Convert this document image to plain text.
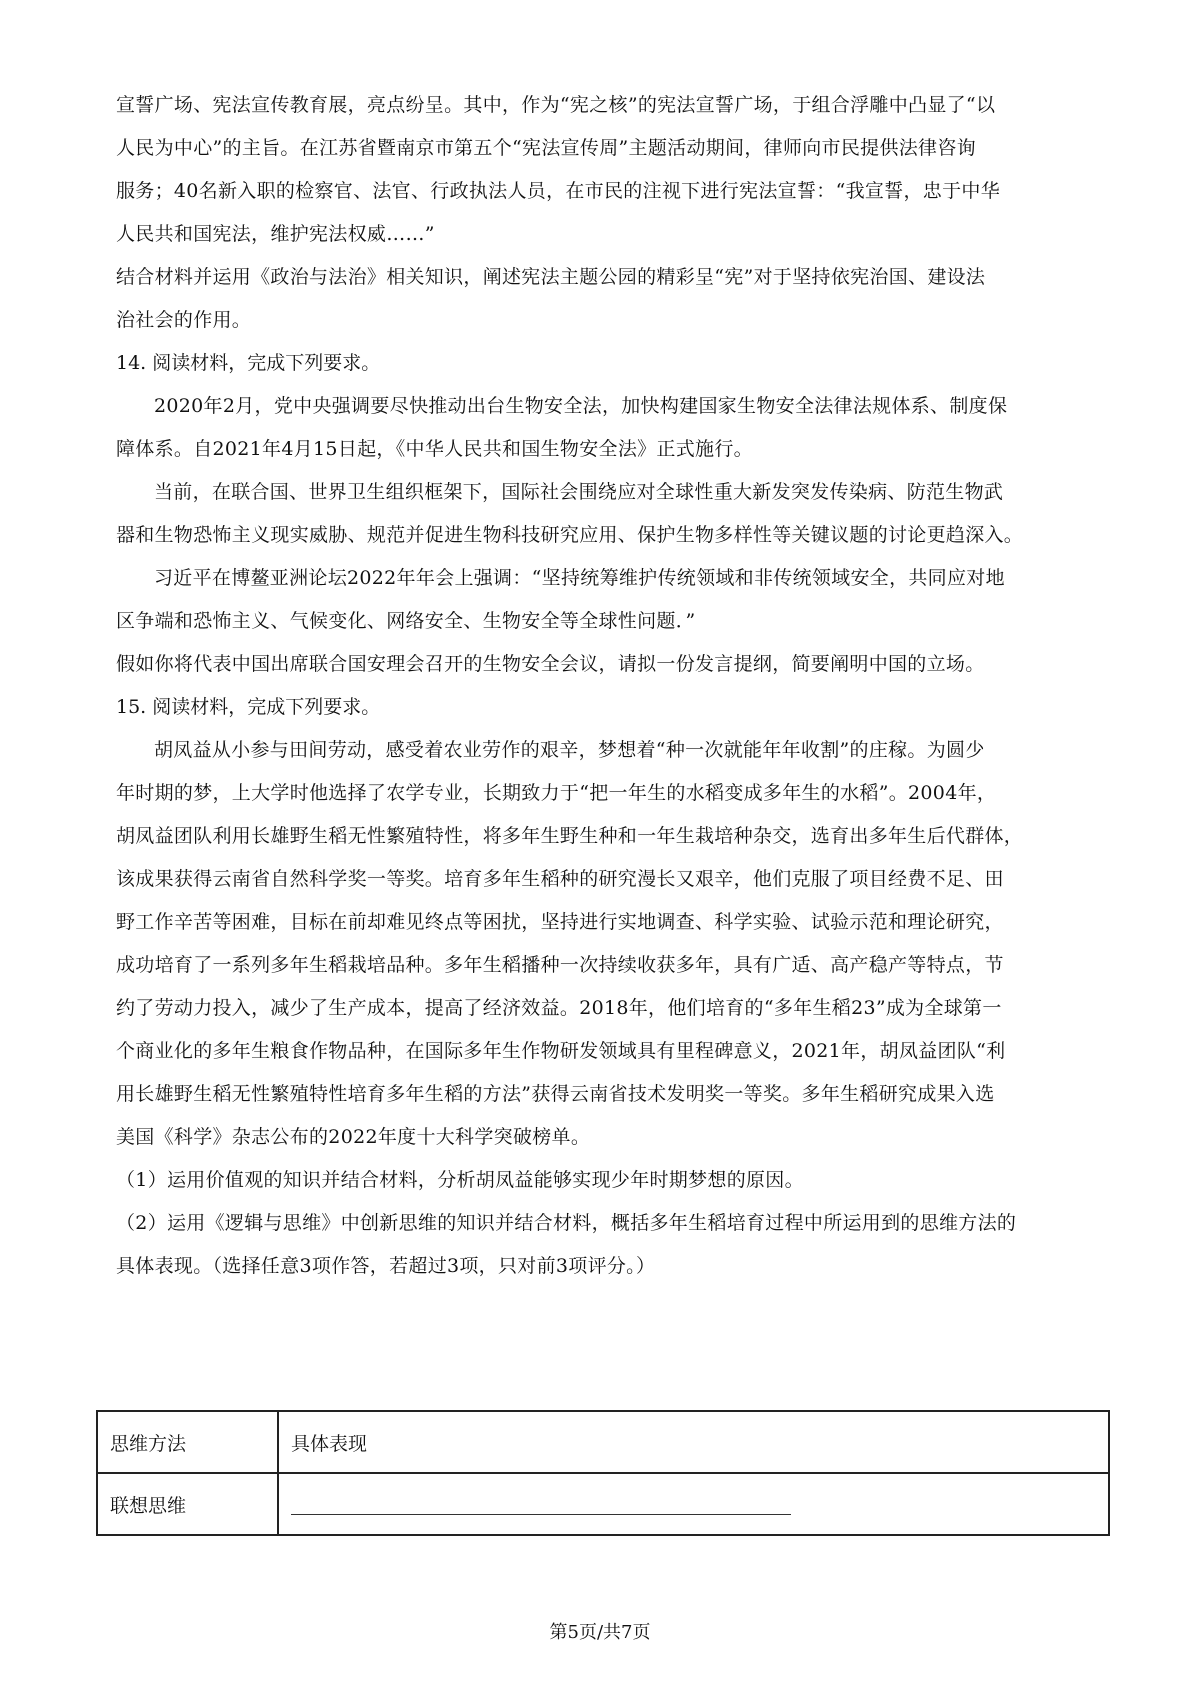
宣誓广场、宪法宣传教育展，亮点纷呈。其中，作为“宪之核”的宪法宣誓广场，于组合浮雕中凸显了“以

人民为中心”的主旨。在江苏省暨南京市第五个“宪法宣传周”主题活动期间，律师向市民提供法律咨询

服务；40名新入职的检察官、法官、行政执法人员，在市民的注视下进行宪法宣誓：“我宣誓，忠于中华

人民共和国宪法，维护宪法权威……”

结合材料并运用《政治与法治》相关知识，阐述宪法主题公园的精彩呈“宪”对于坚持依宪治国、建设法

治社会的作用。

14. 阅读材料，完成下列要求。

2020年2月，党中央强调要尽快推动出台生物安全法，加快构建国家生物安全法律法规体系、制度保

障体系。自2021年4月15日起，《中华人民共和国生物安全法》正式施行。

当前，在联合国、世界卫生组织框架下，国际社会围绕应对全球性重大新发突发传染病、防范生物武

器和生物恐怖主义现实威胁、规范并促进生物科技研究应用、保护生物多样性等关键议题的讨论更趋深入。

习近平在博鳌亚洲论坛2022年年会上强调：“坚持统筹维护传统领域和非传统领域安全，共同应对地

区争端和恐怖主义、气候变化、网络安全、生物安全等全球性问题．”

假如你将代表中国出席联合国安理会召开的生物安全会议，请拟一份发言提纲，简要阐明中国的立场。

15. 阅读材料，完成下列要求。

胡凤益从小参与田间劳动，感受着农业劳作的艰辛，梦想着“种一次就能年年收割”的庄稼。为圆少

年时期的梦，上大学时他选择了农学专业，长期致力于“把一年生的水稻变成多年生的水稻”。2004年，

胡凤益团队利用长雄野生稻无性繁殖特性，将多年生野生种和一年生栽培种杂交，选育出多年生后代群体，

该成果获得云南省自然科学奖一等奖。培育多年生稻种的研究漫长又艰辛，他们克服了项目经费不足、田

野工作辛苦等困难，目标在前却难见终点等困扰，坚持进行实地调查、科学实验、试验示范和理论研究，

成功培育了一系列多年生稻栽培品种。多年生稻播种一次持续收获多年，具有广适、高产稳产等特点，节

约了劳动力投入，减少了生产成本，提高了经济效益。2018年，他们培育的“多年生稻23”成为全球第一

个商业化的多年生粮食作物品种，在国际多年生作物研发领域具有里程碑意义，2021年，胡凤益团队“利

用长雄野生稻无性繁殖特性培育多年生稻的方法”获得云南省技术发明奖一等奖。多年生稻研究成果入选

美国《科学》杂志公布的2022年度十大科学突破榜单。

（1）运用价值观的知识并结合材料，分析胡凤益能够实现少年时期梦想的原因。

（2）运用《逻辑与思维》中创新思维的知识并结合材料，概括多年生稻培育过程中所运用到的思维方法的

具体表现。（选择任意3项作答，若超过3项，只对前3项评分。）

思维方法	具体表现
联想思维	
第5页/共7页
